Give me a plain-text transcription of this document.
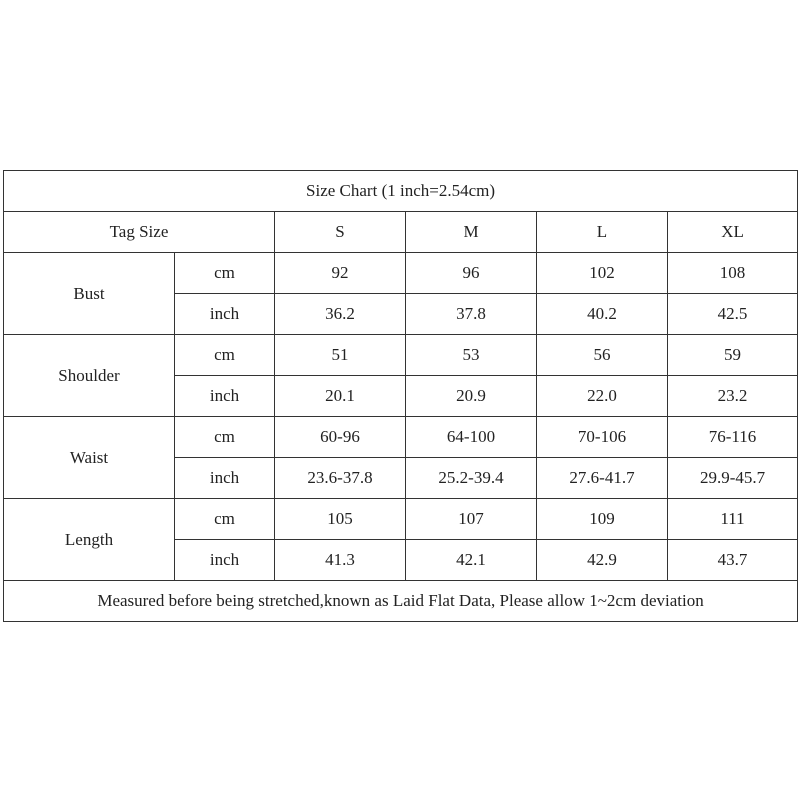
Size Chart (1 inch=2.54cm)					
Tag Size		S	M	L	XL
Bust	cm	92	96	102	108
	inch	36.2	37.8	40.2	42.5
Shoulder	cm	51	53	56	59
	inch	20.1	20.9	22.0	23.2
Waist	cm	60-96	64-100	70-106	76-116
	inch	23.6-37.8	25.2-39.4	27.6-41.7	29.9-45.7
Length	cm	105	107	109	111
	inch	41.3	42.1	42.9	43.7
Measured before being stretched,known as Laid Flat Data, Please allow 1~2cm deviation					
